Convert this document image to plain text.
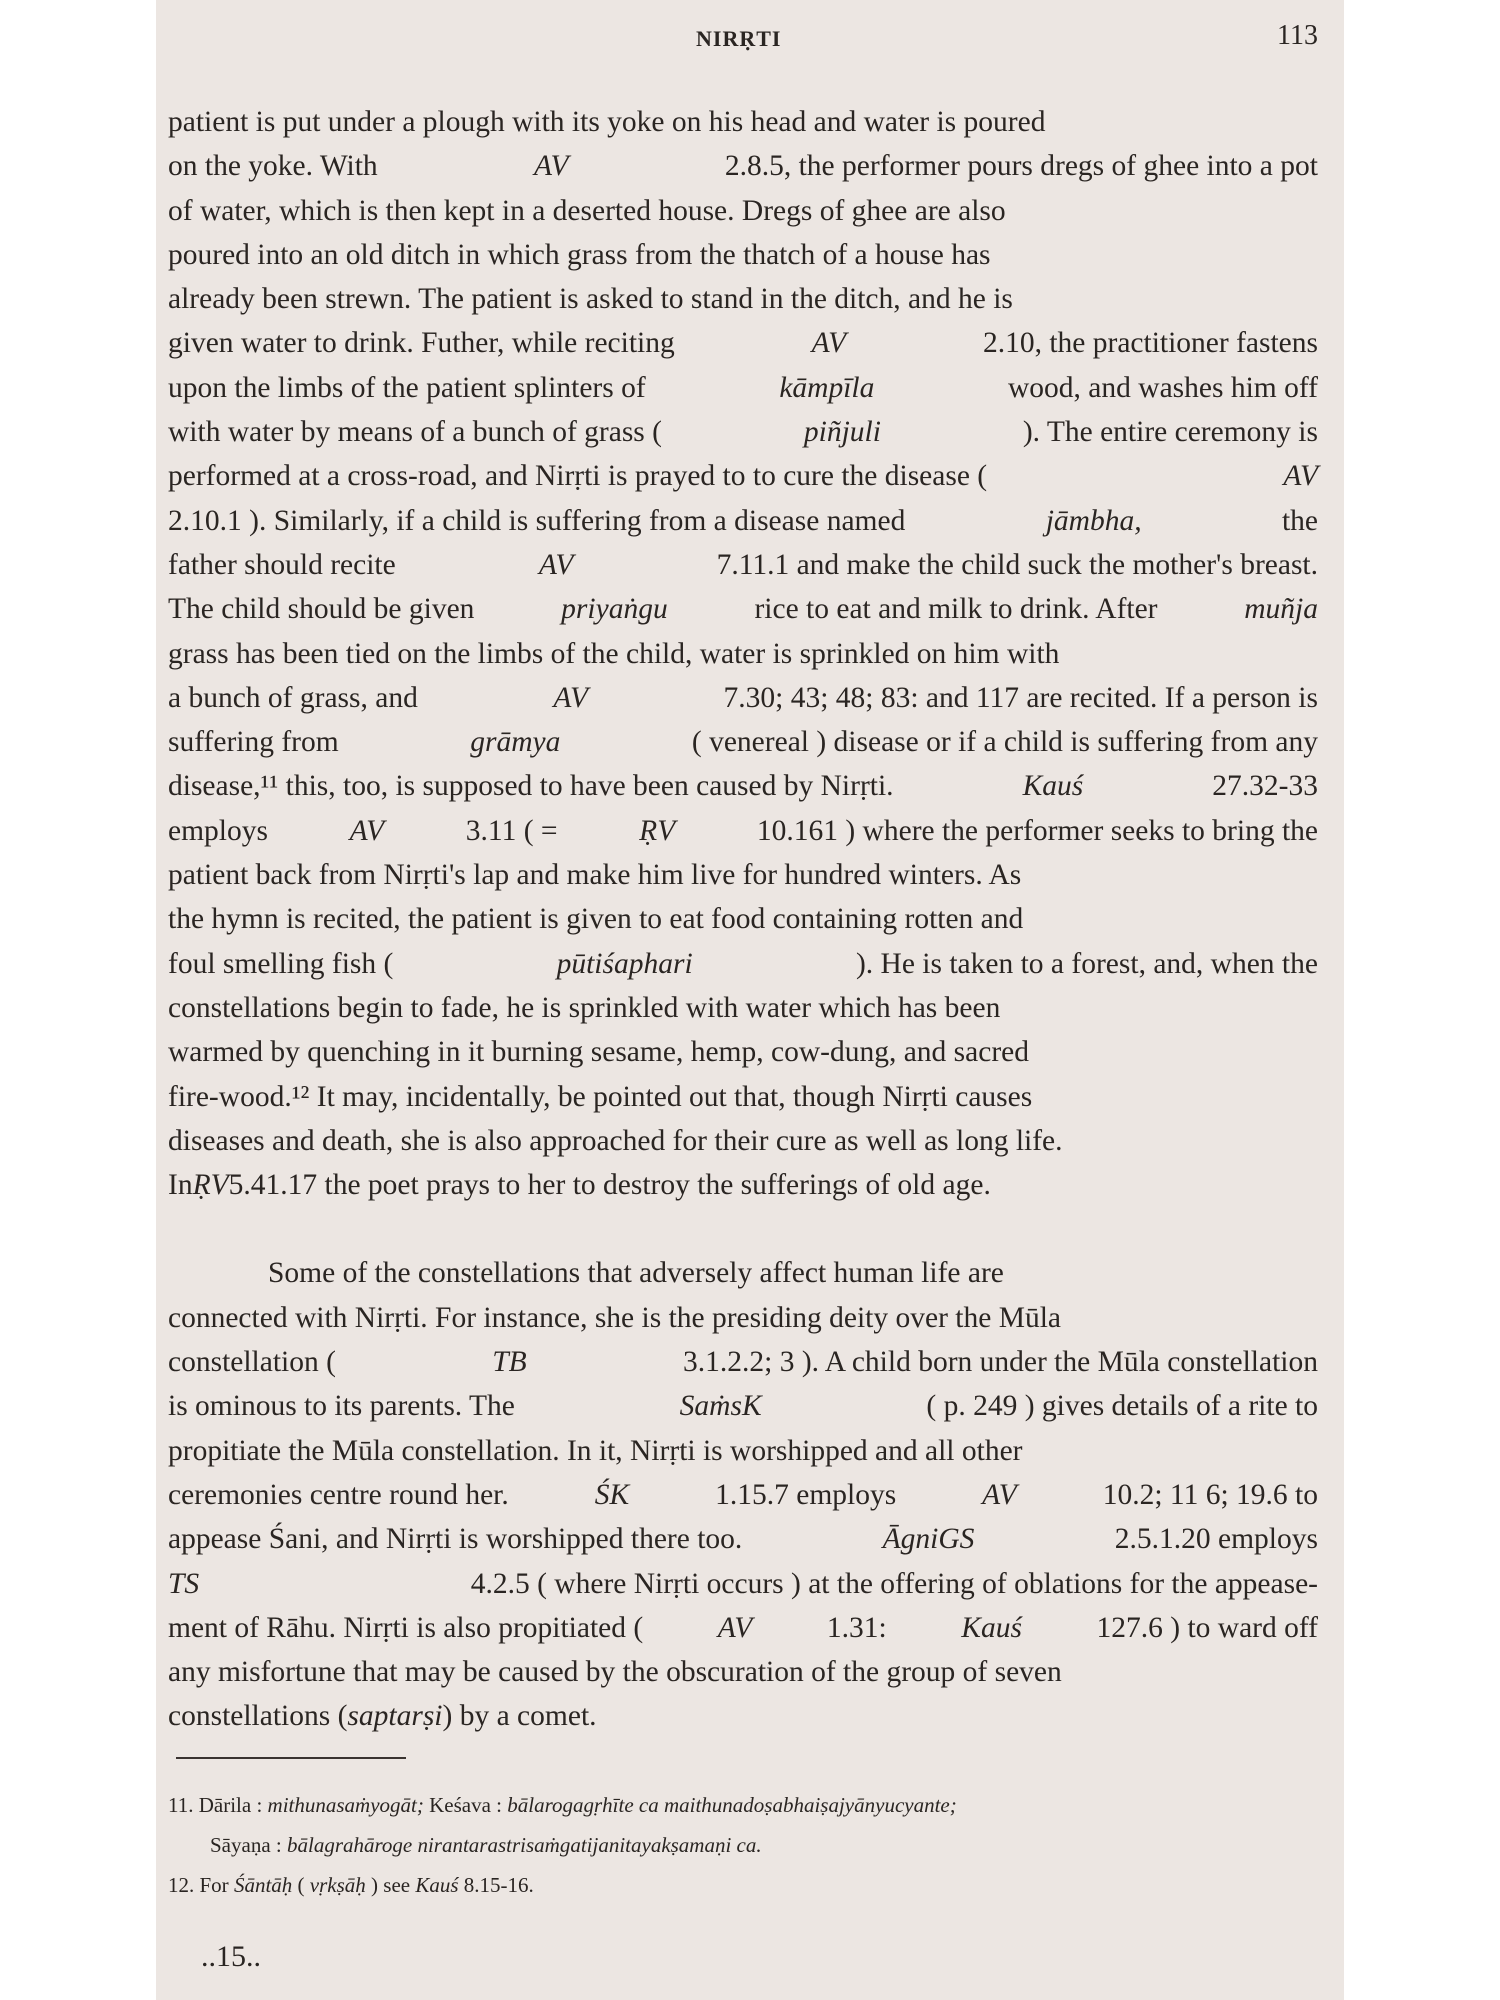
NIRṚTI	113
patient is put under a plough with its yoke on his head and water is poured
on the yoke. With	AV	2.8.5, the performer pours dregs of ghee into a pot
of water, which is then kept in a deserted house. Dregs of ghee are also
poured into an old ditch in which grass from the thatch of a house has
already been strewn. The patient is asked to stand in the ditch, and he is
given water to drink. Futher, while reciting	AV	2.10, the practitioner fastens
upon the limbs of the patient splinters of	kāmpīla	wood, and washes him off
with water by means of a bunch of grass (	piñjuli	). The entire ceremony is
performed at a cross-road, and Nirṛti is prayed to to cure the disease (	AV
2.10.1 ). Similarly, if a child is suffering from a disease named	jāmbha,	the
father should recite	AV	7.11.1 and make the child suck the mother's breast.
The child should be given	priyaṅgu	rice to eat and milk to drink. After	muñja
grass has been tied on the limbs of the child, water is sprinkled on him with
a bunch of grass, and	AV	7.30; 43; 48; 83: and 117 are recited. If a person is
suffering from	grāmya	( venereal ) disease or if a child is suffering from any
disease,¹¹ this, too, is supposed to have been caused by Nirṛti.	Kauś	27.32-33
employs	AV	3.11 ( =	ṚV	10.161 ) where the performer seeks to bring the
patient back from Nirṛti's lap and make him live for hundred winters. As
the hymn is recited, the patient is given to eat food containing rotten and
foul smelling fish (	pūtiśaphari	). He is taken to a forest, and, when the
constellations begin to fade, he is sprinkled with water which has been
warmed by quenching in it burning sesame, hemp, cow-dung, and sacred
fire-wood.¹² It may, incidentally, be pointed out that, though Nirṛti causes
diseases and death, she is also approached for their cure as well as long life.
In ṚV 5.41.17 the poet prays to her to destroy the sufferings of old age.
Some of the constellations that adversely affect human life are
connected with Nirṛti. For instance, she is the presiding deity over the Mūla
constellation (	TB	3.1.2.2; 3 ). A child born under the Mūla constellation
is ominous to its parents. The	SaṁsK	( p. 249 ) gives details of a rite to
propitiate the Mūla constellation. In it, Nirṛti is worshipped and all other
ceremonies centre round her.	ŚK	1.15.7 employs	AV	10.2; 11 6; 19.6 to
appease Śani, and Nirṛti is worshipped there too.	ĀgniGS	2.5.1.20 employs
TS	4.2.5 ( where Nirṛti occurs ) at the offering of oblations for the appease-
ment of Rāhu. Nirṛti is also propitiated (	AV	1.31:	Kauś	127.6 ) to ward off
any misfortune that may be caused by the obscuration of the group of seven
constellations ( saptarṣi ) by a comet.
11. Dārila : mithunasaṁyogāt; Keśava : bālarogagṛhīte ca maithunadoṣabhaiṣajyānyucyante;
Sāyaṇa : bālagrahāroge nirantarastrisaṁgatijanitayakṣamaṇi ca.
12. For Śāntāḥ ( vṛkṣāḥ ) see Kauś 8.15-16.
..15..
